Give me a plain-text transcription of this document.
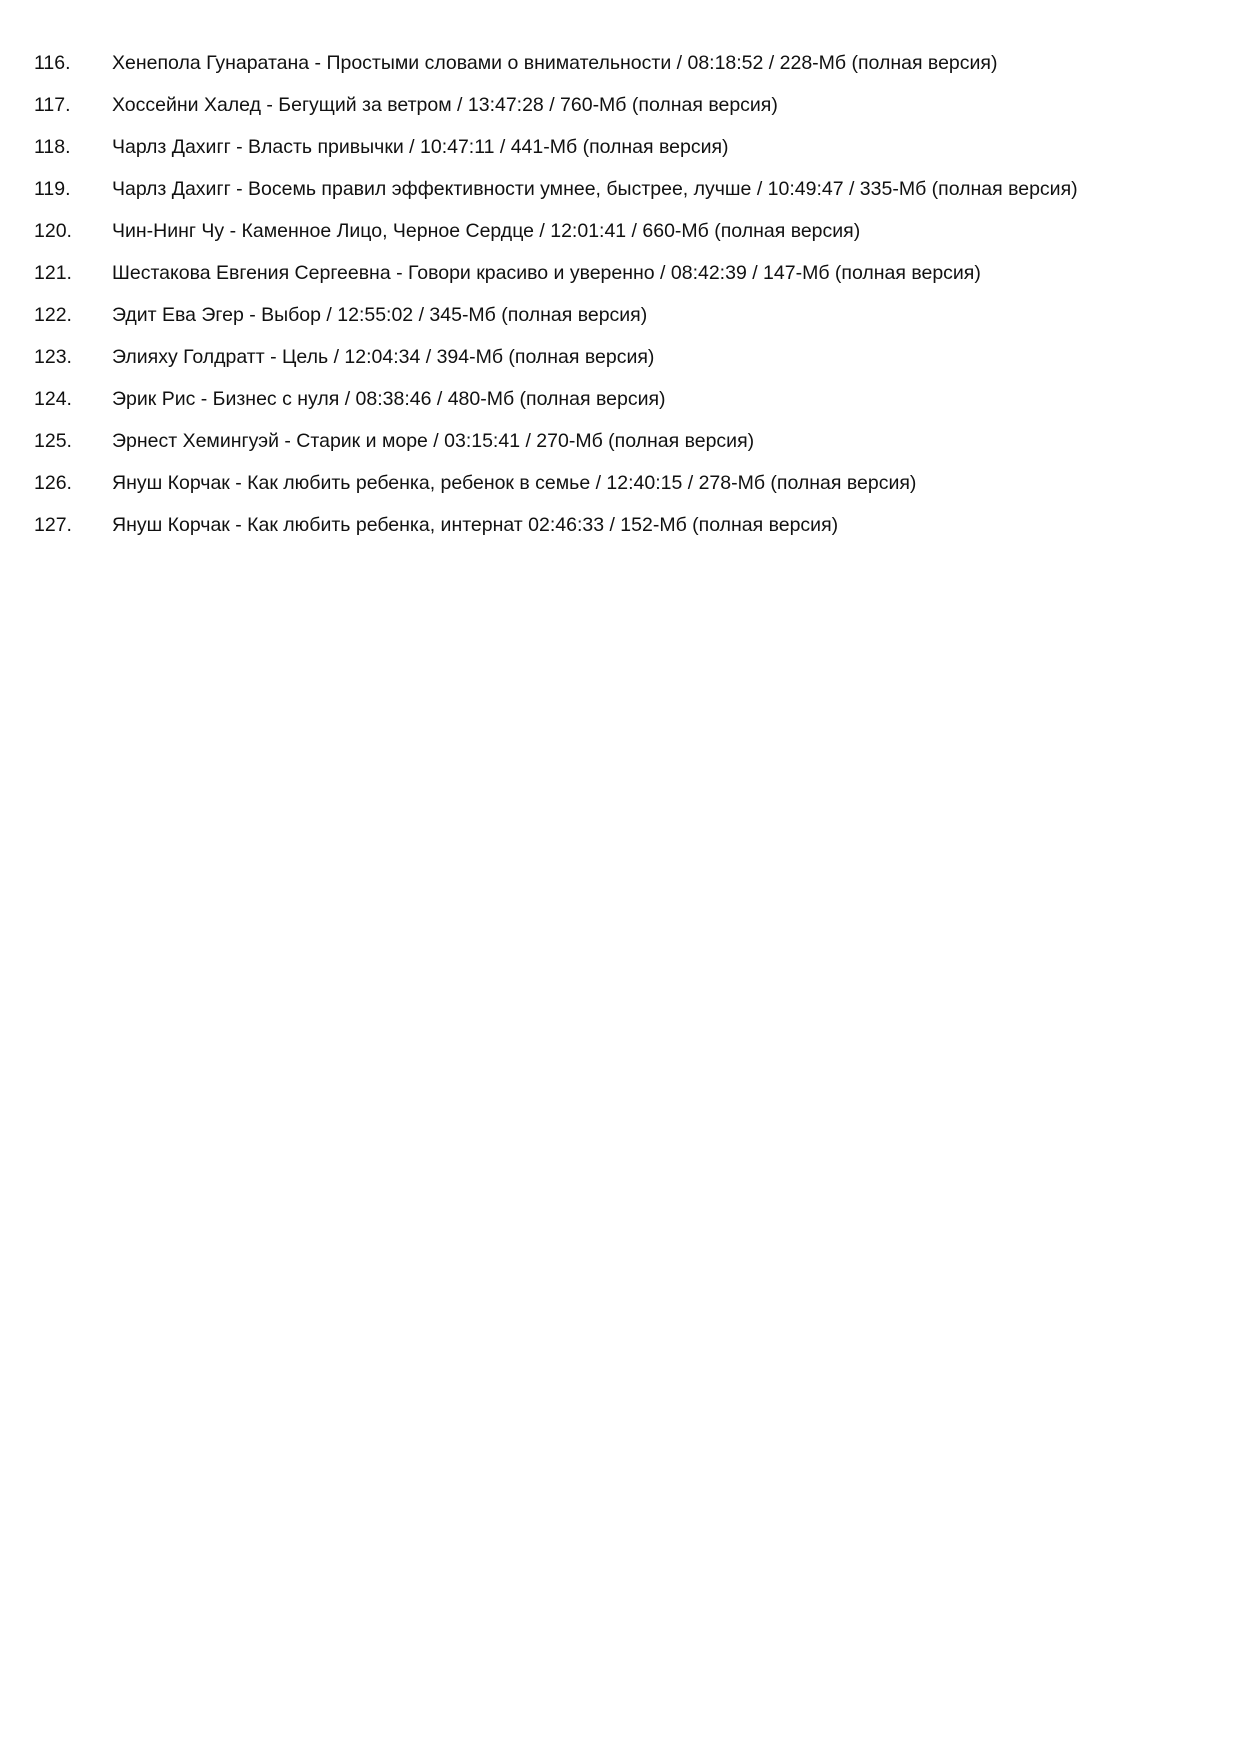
116.	Хенепола Гунаратана - Простыми словами о внимательности / 08:18:52 / 228-Мб (полная версия)
117.	Хоссейни Халед - Бегущий за ветром / 13:47:28 / 760-Мб (полная версия)
118.	Чарлз Дахигг - Власть привычки / 10:47:11 / 441-Мб (полная версия)
119.	Чарлз Дахигг - Восемь правил эффективности умнее, быстрее, лучше / 10:49:47 / 335-Мб (полная версия)
120.	Чин-Нинг Чу - Каменное Лицо, Черное Сердце / 12:01:41 / 660-Мб (полная версия)
121.	Шестакова Евгения Сергеевна - Говори красиво и уверенно / 08:42:39 / 147-Мб (полная версия)
122.	Эдит Ева Эгер - Выбор / 12:55:02 / 345-Мб (полная версия)
123.	Элияху Голдратт - Цель / 12:04:34 / 394-Мб (полная версия)
124.	Эрик Рис - Бизнес с нуля / 08:38:46 / 480-Мб (полная версия)
125.	Эрнест Хемингуэй - Старик и море / 03:15:41 / 270-Мб (полная версия)
126.	Януш Корчак - Как любить ребенка, ребенок в семье / 12:40:15 / 278-Мб (полная версия)
127.	Януш Корчак - Как любить ребенка, интернат 02:46:33 / 152-Мб (полная версия)
